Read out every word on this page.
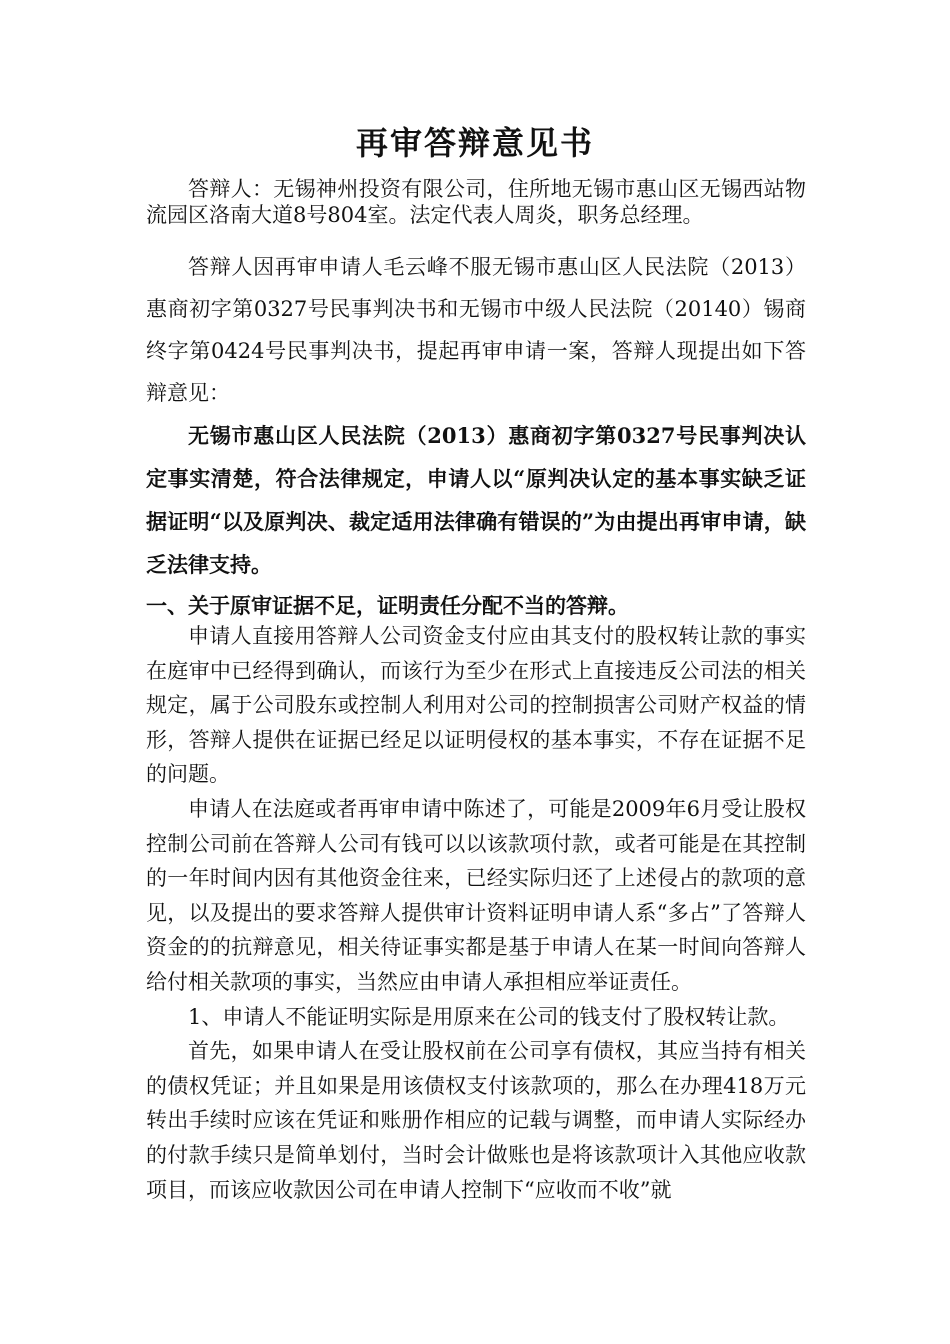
再审答辩意见书

答辩人：无锡神州投资有限公司，住所地无锡市惠山区无锡西站物流园区洛南大道8号804室。法定代表人周炎，职务总经理。

答辩人因再审申请人毛云峰不服无锡市惠山区人民法院（2013）惠商初字第0327号民事判决书和无锡市中级人民法院（20140）锡商终字第0424号民事判决书，提起再审申请一案，答辩人现提出如下答辩意见：

无锡市惠山区人民法院（2013）惠商初字第0327号民事判决认定事实清楚，符合法律规定，申请人以“原判决认定的基本事实缺乏证据证明“以及原判决、裁定适用法律确有错误的”为由提出再审申请，缺乏法律支持。

一、关于原审证据不足，证明责任分配不当的答辩。

申请人直接用答辩人公司资金支付应由其支付的股权转让款的事实在庭审中已经得到确认，而该行为至少在形式上直接违反公司法的相关规定，属于公司股东或控制人利用对公司的控制损害公司财产权益的情形，答辩人提供在证据已经足以证明侵权的基本事实，不存在证据不足的问题。

申请人在法庭或者再审申请中陈述了，可能是2009年6月受让股权控制公司前在答辩人公司有钱可以以该款项付款，或者可能是在其控制的一年时间内因有其他资金往来，已经实际归还了上述侵占的款项的意见，以及提出的要求答辩人提供审计资料证明申请人系“多占”了答辩人资金的的抗辩意见，相关待证事实都是基于申请人在某一时间向答辩人给付相关款项的事实，当然应由申请人承担相应举证责任。

1、申请人不能证明实际是用原来在公司的钱支付了股权转让款。

首先，如果申请人在受让股权前在公司享有债权，其应当持有相关的债权凭证；并且如果是用该债权支付该款项的，那么在办理418万元转出手续时应该在凭证和账册作相应的记载与调整，而申请人实际经办的付款手续只是简单划付，当时会计做账也是将该款项计入其他应收款项目，而该应收款因公司在申请人控制下“应收而不收”就
